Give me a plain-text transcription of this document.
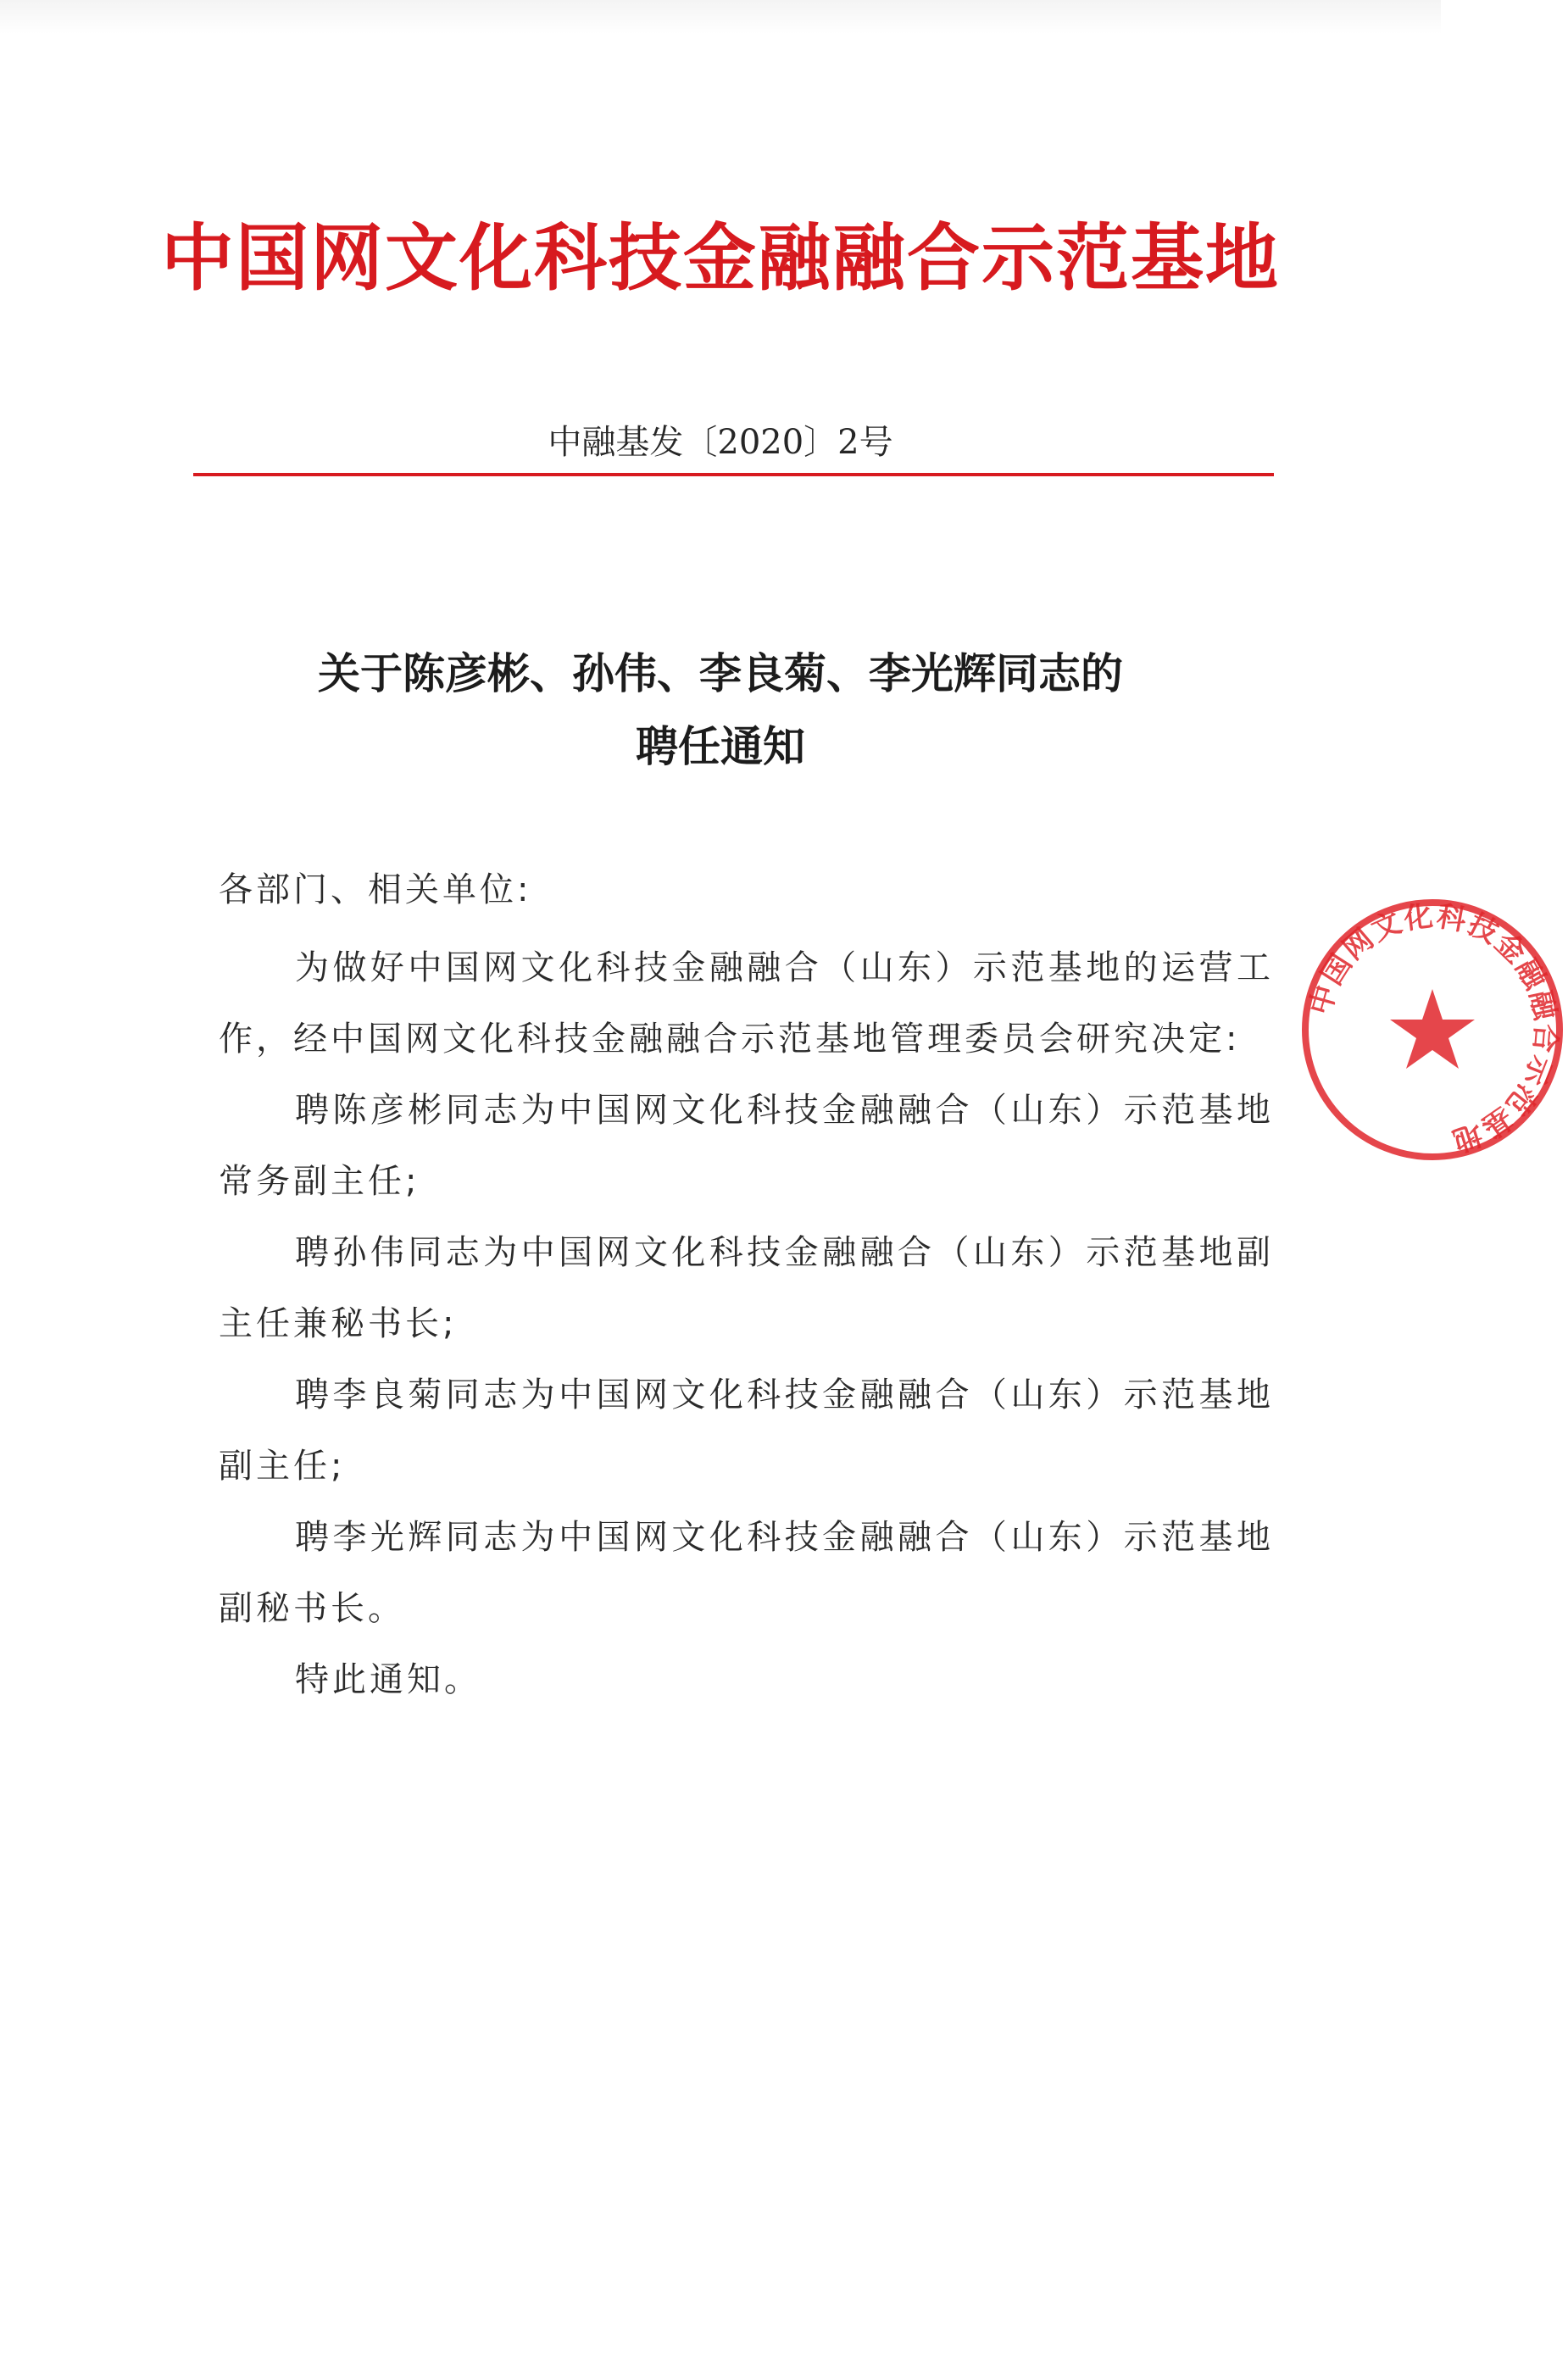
中国网文化科技金融融合示范基地
中融基发〔2020〕2号
关于陈彦彬、孙伟、李良菊、李光辉同志的
聘任通知
各部门、相关单位:

为做好中国网文化科技金融融合（山东）示范基地的运营工作，经中国网文化科技金融融合示范基地管理委员会研究决定:

聘陈彦彬同志为中国网文化科技金融融合（山东）示范基地常务副主任;

聘孙伟同志为中国网文化科技金融融合（山东）示范基地副主任兼秘书长;

聘李良菊同志为中国网文化科技金融融合（山东）示范基地副主任;

聘李光辉同志为中国网文化科技金融融合（山东）示范基地副秘书长。

特此通知。

中国网文化科技金融融合示范基地
